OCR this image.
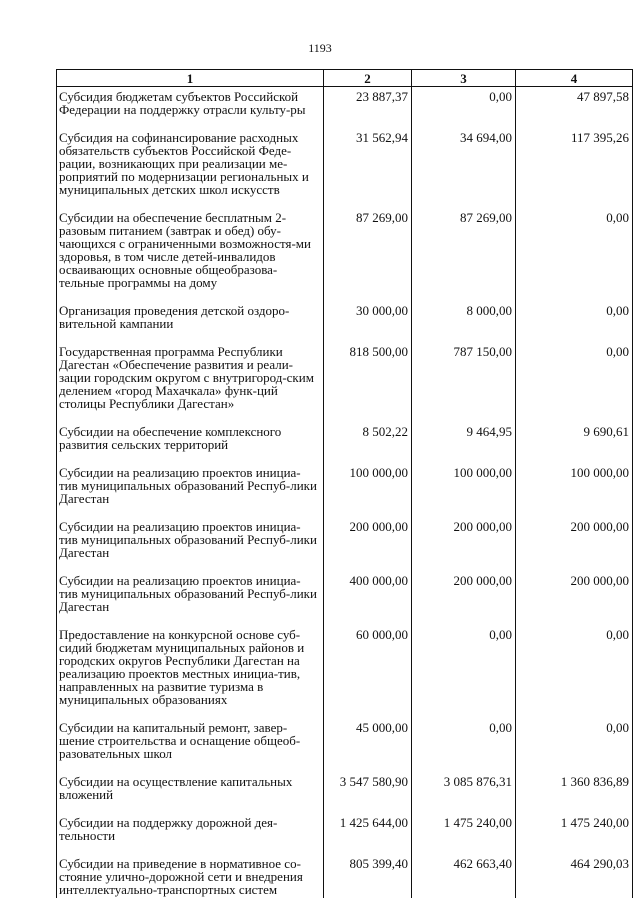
1193
1	2	3	4
Субсидия бюджетам субъектов Российской Федерации на поддержку отрасли культу-ры	23 887,37	0,00	47 897,58
Субсидия на софинансирование расходных обязательств субъектов Российской Феде-рации, возникающих при реализации ме-роприятий по модернизации региональных и муниципальных детских школ искусств	31 562,94	34 694,00	117 395,26
Субсидии на обеспечение бесплатным 2-разовым питанием (завтрак и обед) обу-чающихся с ограниченными возможностя-ми здоровья, в том числе детей-инвалидов осваивающих основные общеобразова-тельные программы на дому	87 269,00	87 269,00	0,00
Организация проведения детской оздоро-вительной кампании	30 000,00	8 000,00	0,00
Государственная программа Республики Дагестан «Обеспечение развития и реали-зации городским округом с внутригород-ским делением «город Махачкала» функ-ций столицы Республики Дагестан»	818 500,00	787 150,00	0,00
Субсидии на обеспечение комплексного развития сельских территорий	8 502,22	9 464,95	9 690,61
Субсидии на реализацию проектов инициа-тив муниципальных образований Респуб-лики Дагестан	100 000,00	100 000,00	100 000,00
Субсидии на реализацию проектов инициа-тив муниципальных образований Респуб-лики Дагестан	200 000,00	200 000,00	200 000,00
Субсидии на реализацию проектов инициа-тив муниципальных образований Респуб-лики Дагестан	400 000,00	200 000,00	200 000,00
Предоставление на конкурсной основе суб-сидий бюджетам муниципальных районов и городских округов Республики Дагестан на реализацию проектов местных инициа-тив, направленных на развитие туризма в муниципальных образованиях	60 000,00	0,00	0,00
Субсидии на капитальный ремонт, завер-шение строительства и оснащение общеоб-разовательных школ	45 000,00	0,00	0,00
Субсидии на осуществление капитальных вложений	3 547 580,90	3 085 876,31	1 360 836,89
Субсидии на поддержку дорожной дея-тельности	1 425 644,00	1 475 240,00	1 475 240,00
Субсидии на приведение в нормативное со-стояние улично-дорожной сети и внедрения интеллектуально-транспортных систем	805 399,40	462 663,40	464 290,03
